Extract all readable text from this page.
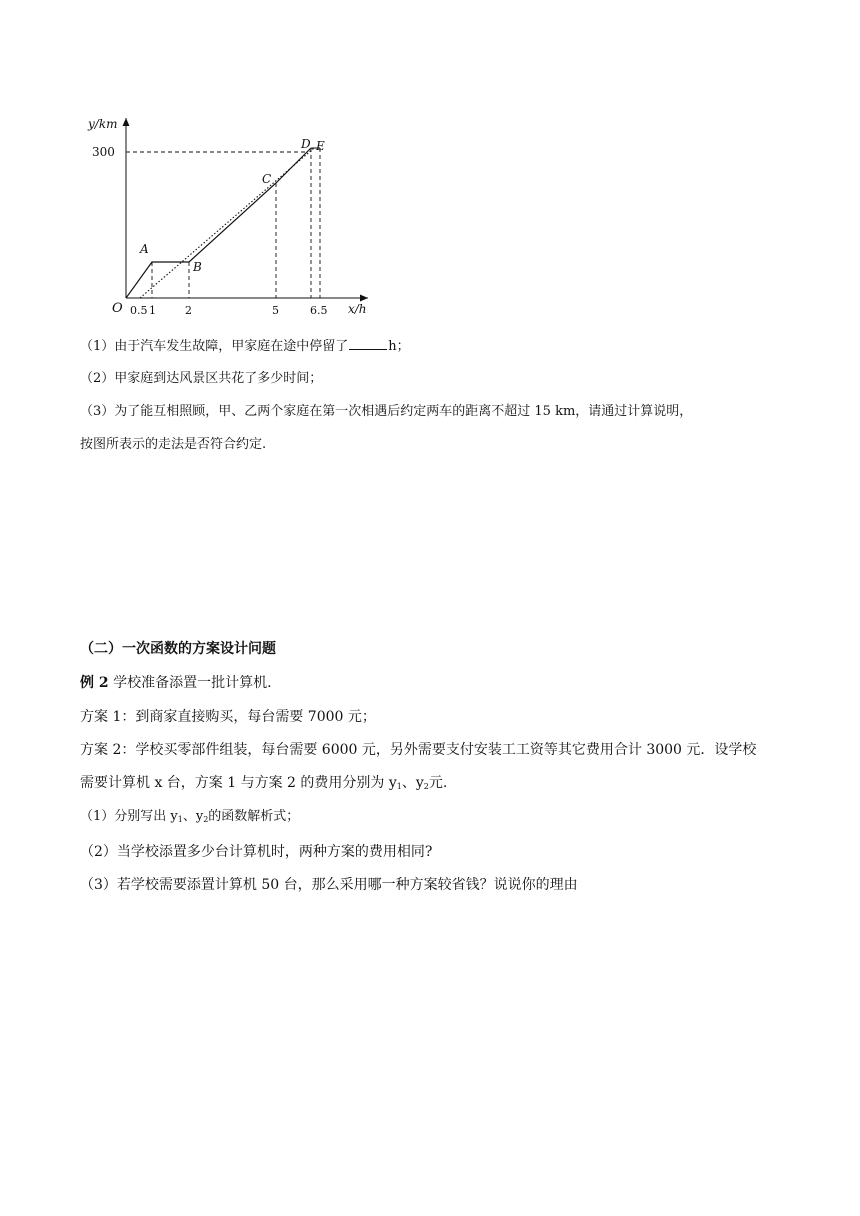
y/km
x/h
300
O 0.5 1	2	5	6.5
A
B
C
D E
（1）由于汽车发生故障，甲家庭在途中停留了	h；
（2）甲家庭到达风景区共花了多少时间；
（3）为了能互相照顾，甲、乙两个家庭在第一次相遇后约定两车的距离不超过 15 km，请通过计算说明，
按图所表示的走法是否符合约定.
（二）一次函数的方案设计问题
例 2 学校准备添置一批计算机.
方案 1：到商家直接购买，每台需要 7000 元；
方案 2：学校买零部件组装，每台需要 6000 元，另外需要支付安装工工资等其它费用合计 3000 元．设学校
需要计算机 x 台，方案 1 与方案 2 的费用分别为 $y_1$、$y_2$元.
（1）分别写出 $y_1$、$y_2$的函数解析式；
（2）当学校添置多少台计算机时，两种方案的费用相同?
（3）若学校需要添置计算机 50 台，那么采用哪一种方案较省钱？说说你的理由
